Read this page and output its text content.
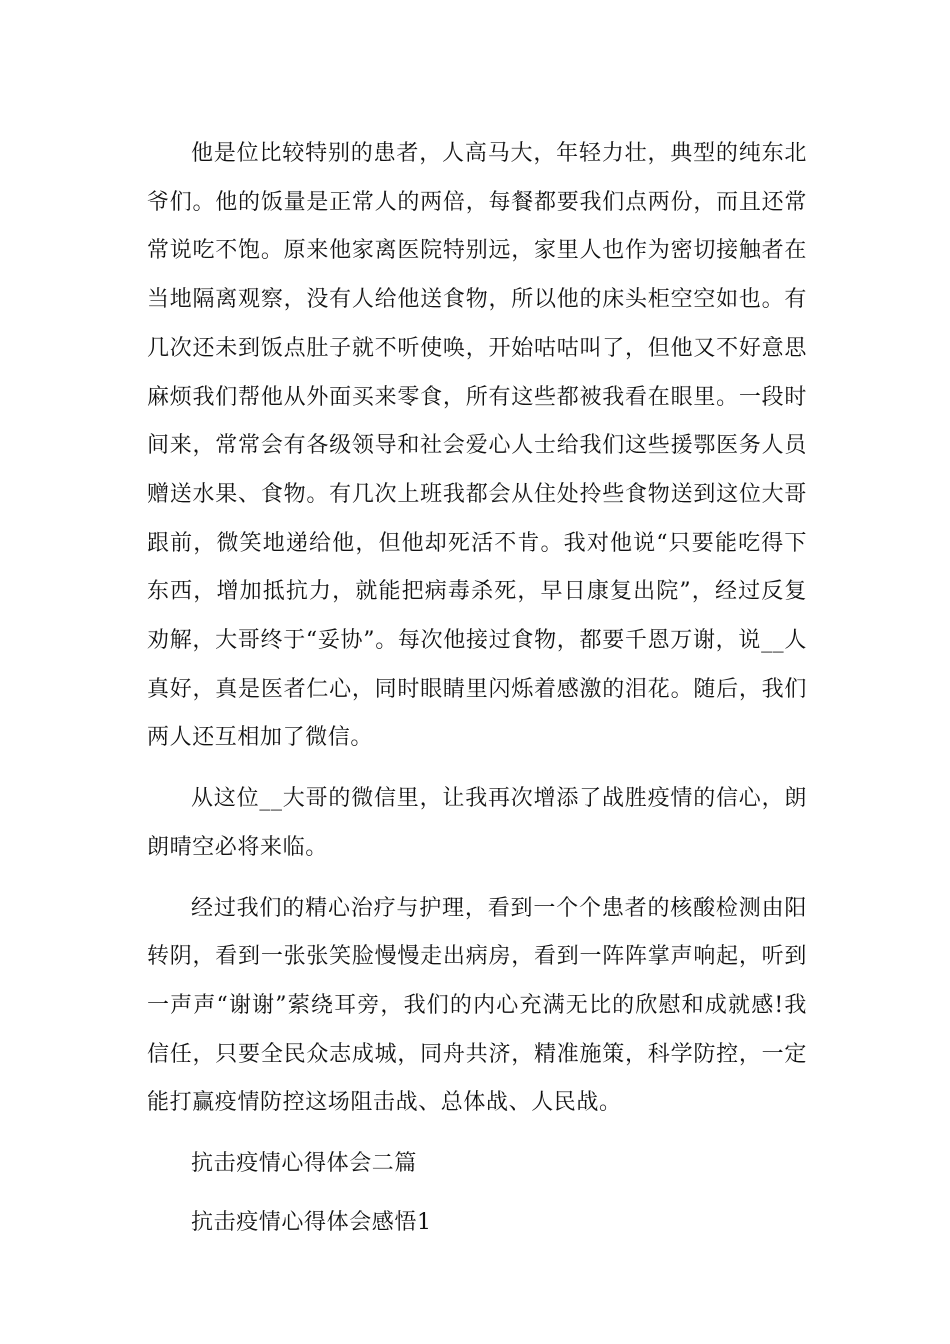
他是位比较特别的患者，人高马大，年轻力壮，典型的纯东北爷们。他的饭量是正常人的两倍，每餐都要我们点两份，而且还常常说吃不饱。原来他家离医院特别远，家里人也作为密切接触者在当地隔离观察，没有人给他送食物，所以他的床头柜空空如也。有几次还未到饭点肚子就不听使唤，开始咕咕叫了，但他又不好意思麻烦我们帮他从外面买来零食，所有这些都被我看在眼里。一段时间来，常常会有各级领导和社会爱心人士给我们这些援鄂医务人员赠送水果、食物。有几次上班我都会从住处拎些食物送到这位大哥跟前，微笑地递给他，但他却死活不肯。我对他说“只要能吃得下东西，增加抵抗力，就能把病毒杀死，早日康复出院”，经过反复劝解，大哥终于“妥协”。每次他接过食物，都要千恩万谢，说__人真好，真是医者仁心，同时眼睛里闪烁着感激的泪花。随后，我们两人还互相加了微信。

从这位__大哥的微信里，让我再次增添了战胜疫情的信心，朗朗晴空必将来临。

经过我们的精心治疗与护理，看到一个个患者的核酸检测由阳转阴，看到一张张笑脸慢慢走出病房，看到一阵阵掌声响起，听到一声声“谢谢”萦绕耳旁，我们的内心充满无比的欣慰和成就感!我信任，只要全民众志成城，同舟共济，精准施策，科学防控，一定能打赢疫情防控这场阻击战、总体战、人民战。

抗击疫情心得体会二篇

抗击疫情心得体会感悟1
